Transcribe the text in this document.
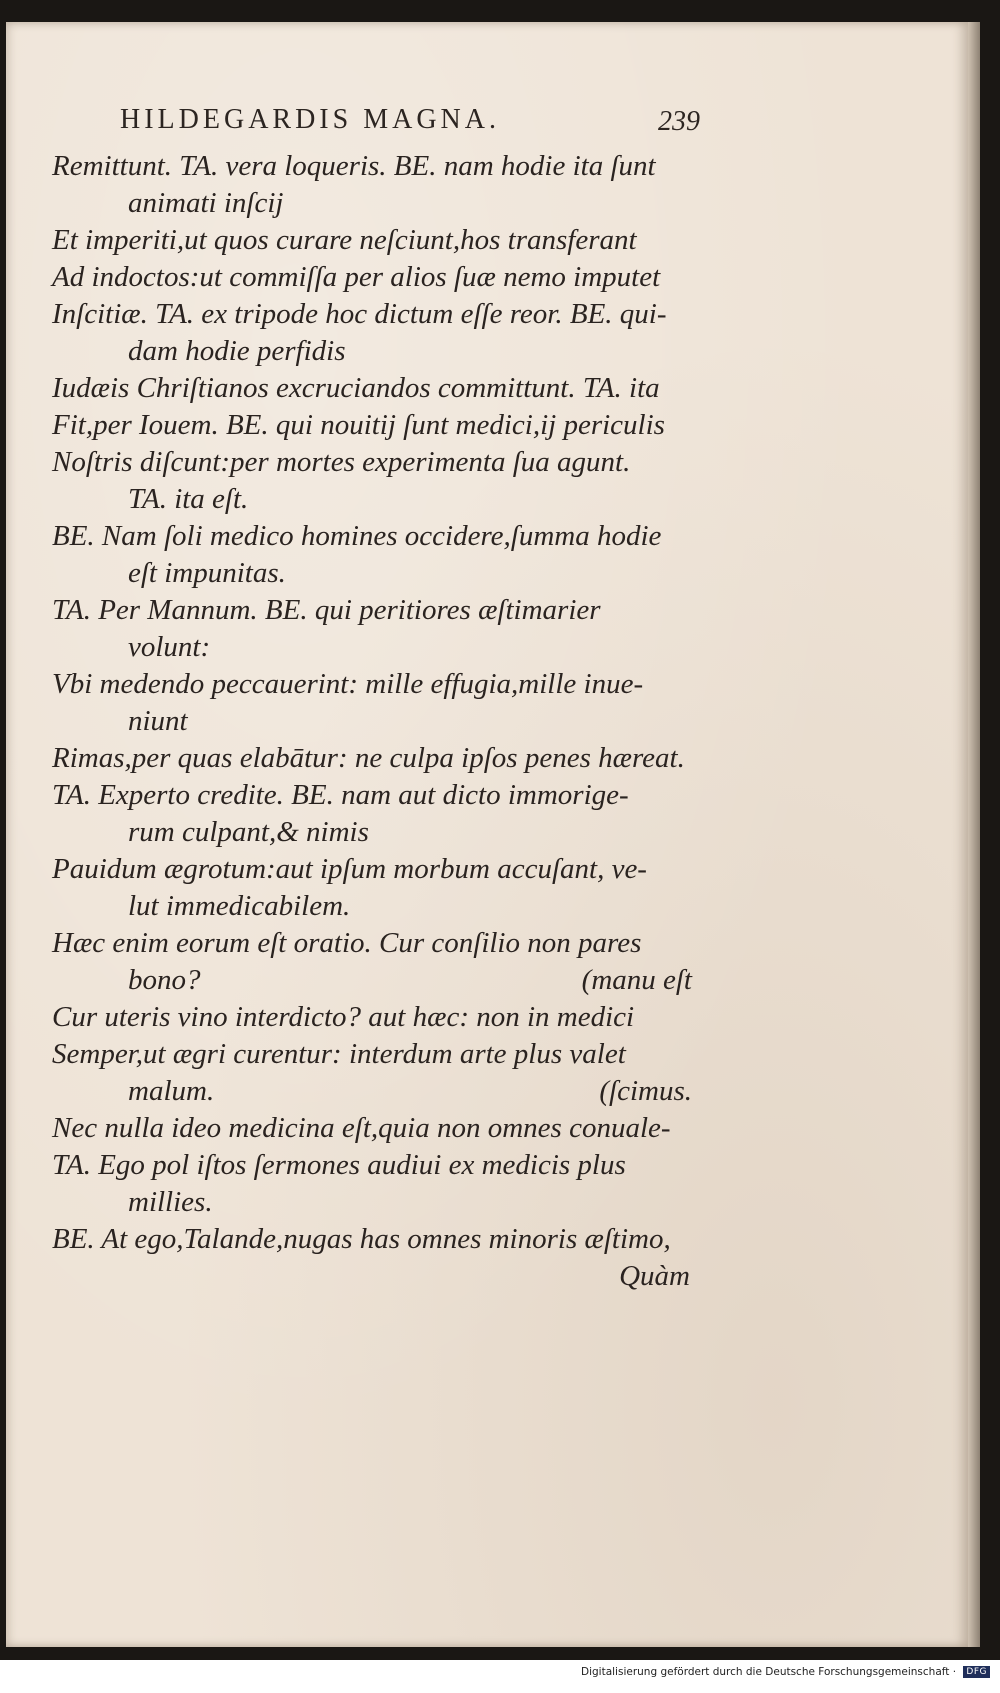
HILDEGARDIS MAGNA.	239
Remittunt. TA. vera loqueris. BE. nam hodie ita ſunt
animati inſcij
Et imperiti,ut quos curare neſciunt,hos transferant
Ad indoctos:ut commiſſa per alios ſuæ nemo imputet
Inſcitiæ. TA. ex tripode hoc dictum eſſe reor. BE. qui-
dam hodie perfidis
Iudæis Chriſtianos excruciandos committunt. TA. ita
Fit,per Iouem. BE. qui nouitij ſunt medici,ij periculis
Noſtris diſcunt:per mortes experimenta ſua agunt.
TA. ita eſt.
BE. Nam ſoli medico homines occidere,ſumma hodie
eſt impunitas.
TA. Per Mannum. BE. qui peritiores æſtimarier
volunt:
Vbi medendo peccauerint: mille effugia,mille inue-
niunt
Rimas,per quas elabātur: ne culpa ipſos penes hæreat.
TA. Experto credite. BE. nam aut dicto immorige-
rum culpant,& nimis
Pauidum ægrotum:aut ipſum morbum accuſant, ve-
lut immedicabilem.
Hæc enim eorum eſt oratio. Cur conſilio non pares
bono?	(manu eſt
Cur uteris vino interdicto? aut hæc: non in medici
Semper,ut ægri curentur: interdum arte plus valet
malum.	(ſcimus.
Nec nulla ideo medicina eſt,quia non omnes conuale-
TA. Ego pol iſtos ſermones audiui ex medicis plus
millies.
BE. At ego,Talande,nugas has omnes minoris æſtimo,
Quàm
Digitalisierung gefördert durch die Deutsche Forschungsgemeinschaft · DFG
